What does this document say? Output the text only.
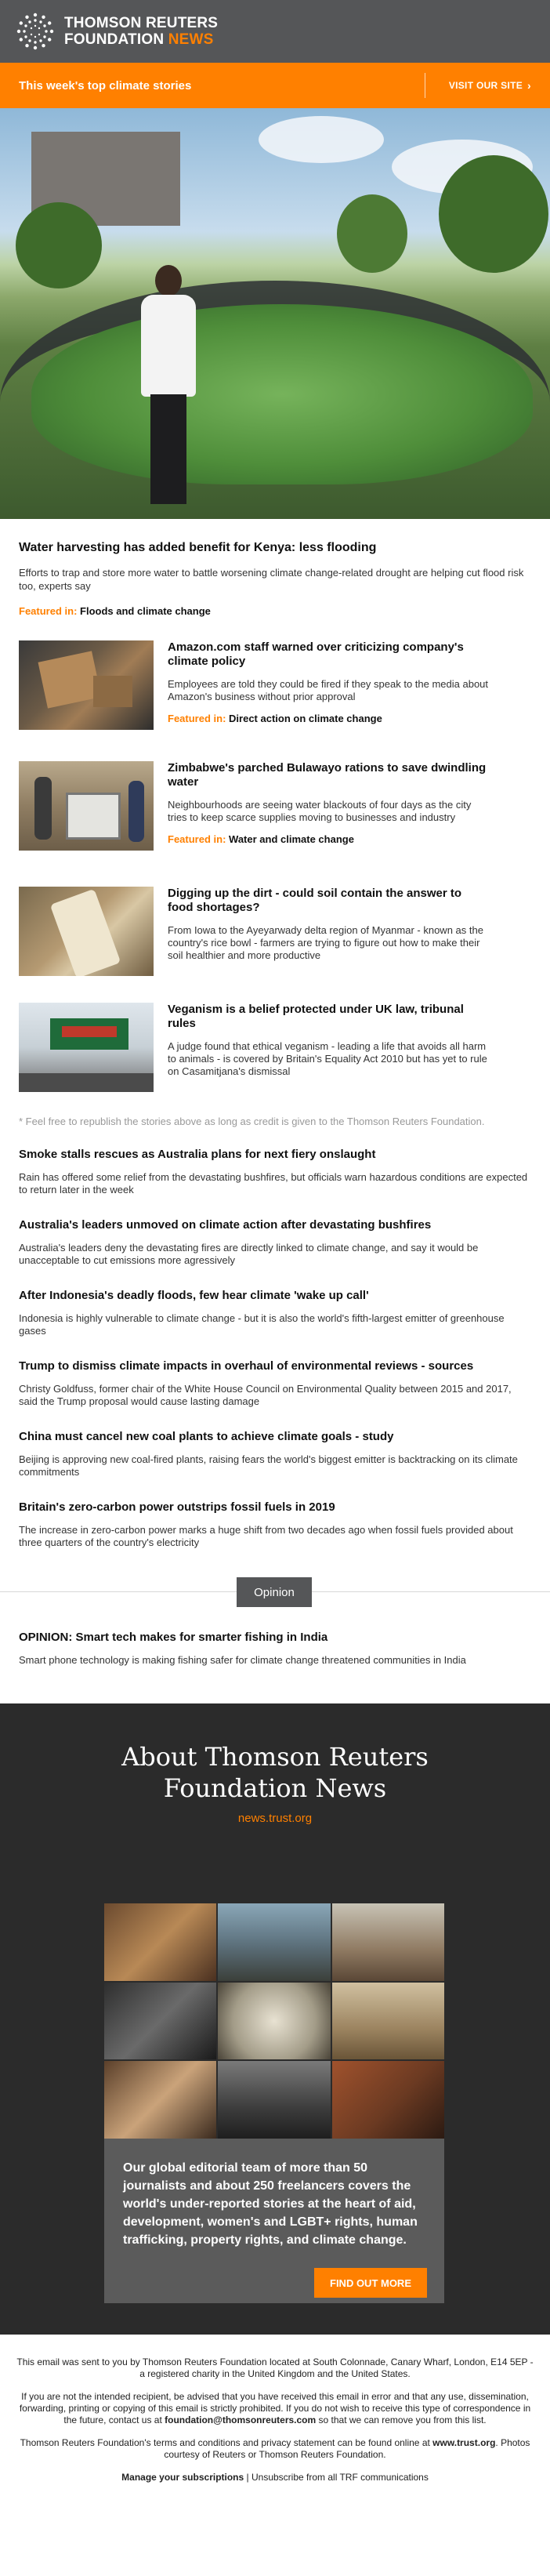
THOMSON REUTERS
FOUNDATION NEWS
This week's top climate stories	VISIT OUR SITE ›
Water harvesting has added benefit for Kenya: less flooding

Efforts to trap and store more water to battle worsening climate change-related drought are helping cut flood risk too, experts say

Featured in: Floods and climate change
Amazon.com staff warned over criticizing company's climate policy

Employees are told they could be fired if they speak to the media about Amazon's business without prior approval

Featured in: Direct action on climate change
Zimbabwe's parched Bulawayo rations to save dwindling water

Neighbourhoods are seeing water blackouts of four days as the city tries to keep scarce supplies moving to businesses and industry

Featured in: Water and climate change
Digging up the dirt - could soil contain the answer to food shortages?

From Iowa to the Ayeyarwady delta region of Myanmar - known as the country's rice bowl - farmers are trying to figure out how to make their soil healthier and more productive

Veganism is a belief protected under UK law, tribunal rules

A judge found that ethical veganism - leading a life that avoids all harm to animals - is covered by Britain's Equality Act 2010 but has yet to rule on Casamitjana's dismissal

* Feel free to republish the stories above as long as credit is given to the Thomson Reuters Foundation.
Smoke stalls rescues as Australia plans for next fiery onslaught

Rain has offered some relief from the devastating bushfires, but officials warn hazardous conditions are expected to return later in the week

Australia's leaders unmoved on climate action after devastating bushfires

Australia's leaders deny the devastating fires are directly linked to climate change, and say it would be unacceptable to cut emissions more agressively

After Indonesia's deadly floods, few hear climate 'wake up call'

Indonesia is highly vulnerable to climate change - but it is also the world's fifth-largest emitter of greenhouse gases

Trump to dismiss climate impacts in overhaul of environmental reviews - sources

Christy Goldfuss, former chair of the White House Council on Environmental Quality between 2015 and 2017, said the Trump proposal would cause lasting damage

China must cancel new coal plants to achieve climate goals - study

Beijing is approving new coal-fired plants, raising fears the world's biggest emitter is backtracking on its climate commitments

Britain's zero-carbon power outstrips fossil fuels in 2019

The increase in zero-carbon power marks a huge shift from two decades ago when fossil fuels provided about three quarters of the country's electricity

Opinion
OPINION: Smart tech makes for smarter fishing in India

Smart phone technology is making fishing safer for climate change threatened communities in India

About Thomson Reuters Foundation News
news.trust.org

Our global editorial team of more than 50 journalists and about 250 freelancers covers the world's under-reported stories at the heart of aid, development, women's and LGBT+ rights, human trafficking, property rights, and climate change.

FIND OUT MORE

This email was sent to you by Thomson Reuters Foundation located at South Colonnade, Canary Wharf, London, E14 5EP - a registered charity in the United Kingdom and the United States.

If you are not the intended recipient, be advised that you have received this email in error and that any use, dissemination, forwarding, printing or copying of this email is strictly prohibited. If you do not wish to receive this type of correspondence in the future, contact us at foundation@thomsonreuters.com so that we can remove you from this list.

Thomson Reuters Foundation's terms and conditions and privacy statement can be found online at www.trust.org. Photos courtesy of Reuters or Thomson Reuters Foundation.

Manage your subscriptions | Unsubscribe from all TRF communications
